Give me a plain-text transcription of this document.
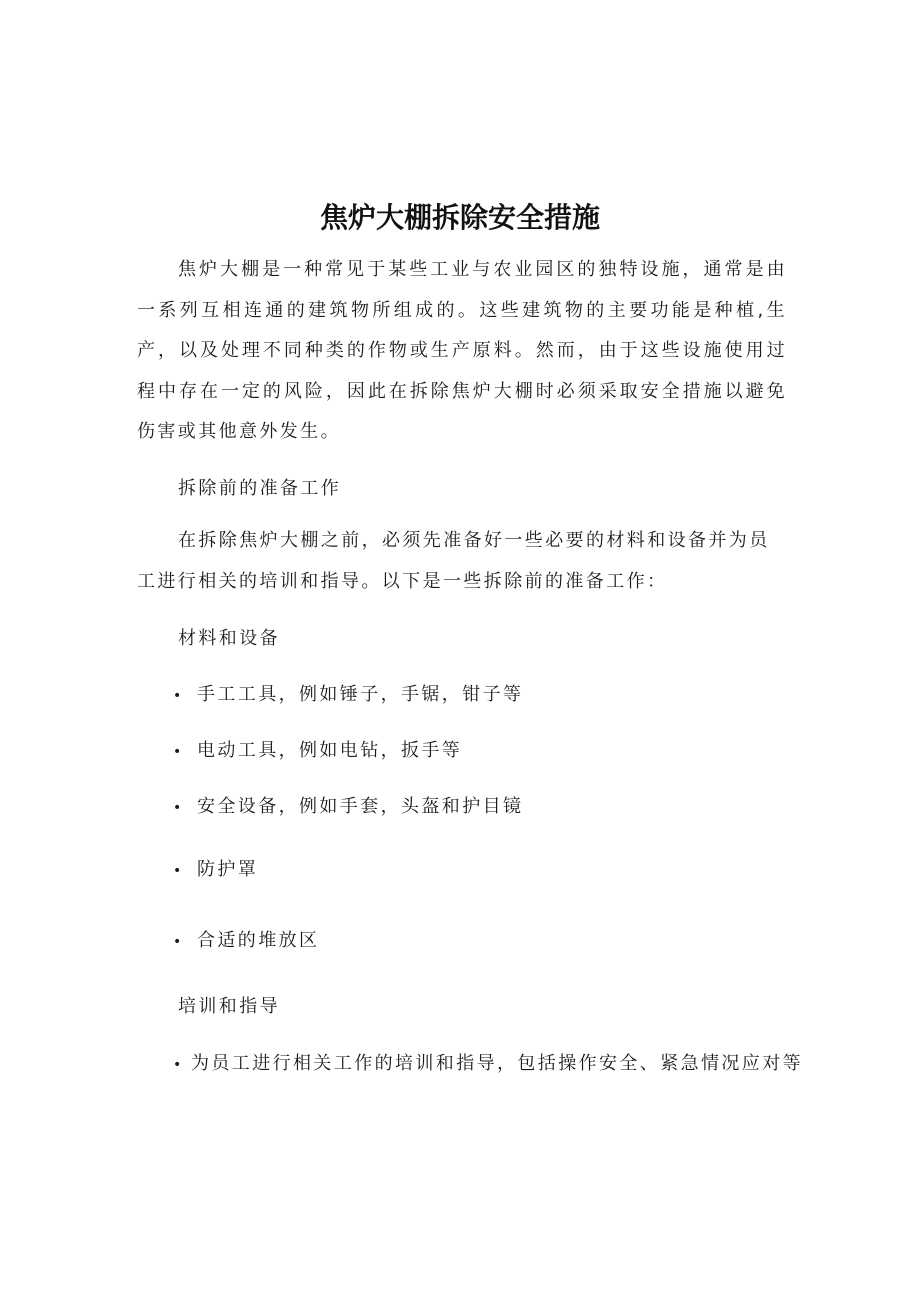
焦炉大棚拆除安全措施

焦炉大棚是一种常见于某些工业与农业园区的独特设施，通常是由一系列互相连通的建筑物所组成的。这些建筑物的主要功能是种植,生产，以及处理不同种类的作物或生产原料。然而，由于这些设施使用过程中存在一定的风险，因此在拆除焦炉大棚时必须采取安全措施以避免伤害或其他意外发生。

拆除前的准备工作

在拆除焦炉大棚之前，必须先准备好一些必要的材料和设备并为员工进行相关的培训和指导。以下是一些拆除前的准备工作：

材料和设备

• 手工工具，例如锤子，手锯，钳子等
• 电动工具，例如电钻，扳手等
• 安全设备，例如手套，头盔和护目镜
• 防护罩
• 合适的堆放区

培训和指导

• 为员工进行相关工作的培训和指导，包括操作安全、紧急情况应对等
